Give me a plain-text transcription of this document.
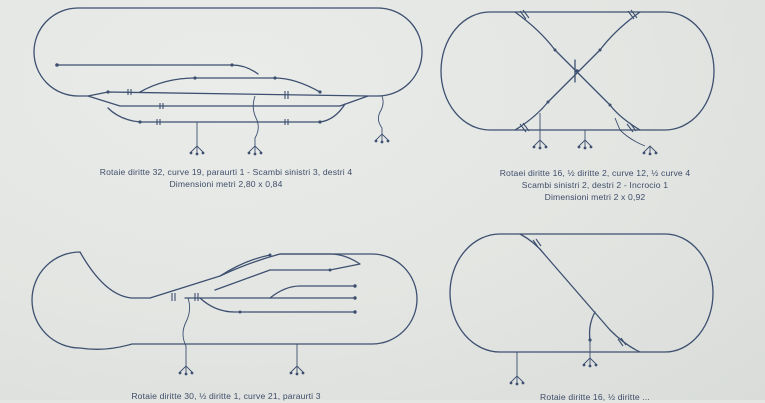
Rotaie diritte 32, curve 19, paraurti 1 - Scambi sinistri 3, destri 4
Dimensioni metri 2,80 x 0,84
Rotaei diritte 16, ½ diritte 2, curve 12, ½ curve 4
Scambi sinistri 2, destri 2 - Incrocio 1
Dimensioni metri 2 x 0,92
Rotaie diritte 30, ½ diritte 1, curve 21, paraurti 3	Rotaie diritte 16, ½ diritte ...
